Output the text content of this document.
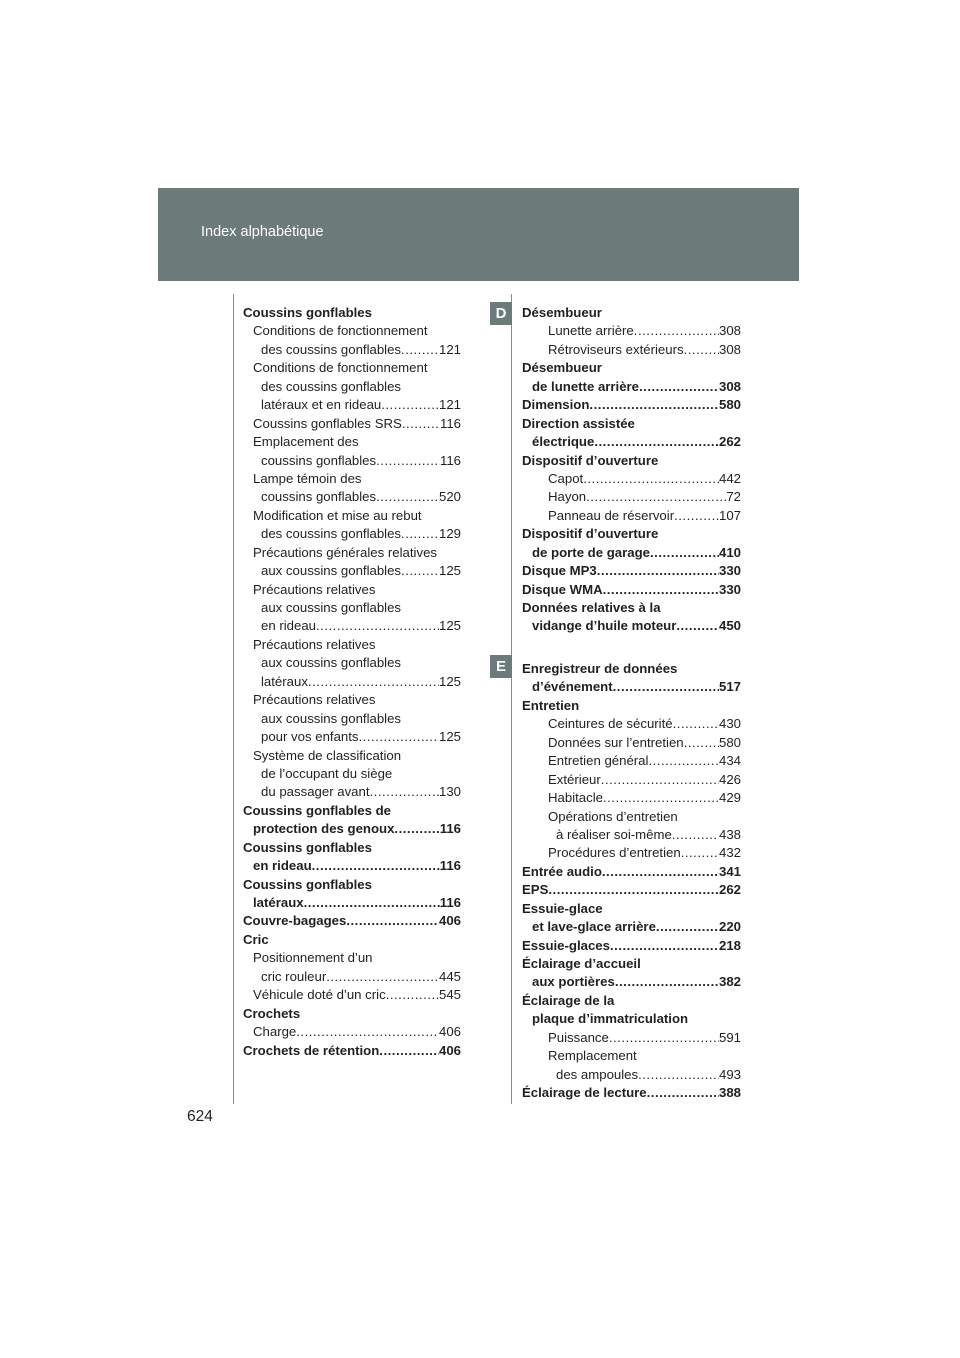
Index alphabétique
D
E
Coussins gonflables
Conditions de fonctionnement
des coussins gonflables .....	121
Conditions de fonctionnement
des coussins gonflables
latéraux et en rideau .....	121
Coussins gonflables SRS .....	116
Emplacement des
coussins gonflables .....	116
Lampe témoin des
coussins gonflables .....	520
Modification et mise au rebut
des coussins gonflables .....	129
Précautions générales relatives
aux coussins gonflables .....	125
Précautions relatives
aux coussins gonflables
en rideau .....	125
Précautions relatives
aux coussins gonflables
latéraux .....	125
Précautions relatives
aux coussins gonflables
pour vos enfants .....	125
Système de classification
de l’occupant du siège
du passager avant .....	130
Coussins gonflables de
protection des genoux .....	116
Coussins gonflables
en rideau .....	116
Coussins gonflables
latéraux .....	116
Couvre-bagages .....	406
Cric
Positionnement d’un
cric rouleur .....	445
Véhicule doté d’un cric .....	545
Crochets
Charge .....	406
Crochets de rétention .....	406
Désembueur
Lunette arrière .....	308
Rétroviseurs extérieurs .....	308
Désembueur
de lunette arrière .....	308
Dimension .....	580
Direction assistée
électrique .....	262
Dispositif d’ouverture
Capot .....	442
Hayon .....	72
Panneau de réservoir .....	107
Dispositif d’ouverture
de porte de garage .....	410
Disque MP3 .....	330
Disque WMA .....	330
Données relatives à la
vidange d’huile moteur .....	450
Enregistreur de données
d’événement .....	517
Entretien
Ceintures de sécurité .....	430
Données sur l’entretien .....	580
Entretien général .....	434
Extérieur .....	426
Habitacle .....	429
Opérations d’entretien
à réaliser soi-même .....	438
Procédures d’entretien .....	432
Entrée audio .....	341
EPS .....	262
Essuie-glace
et lave-glace arrière .....	220
Essuie-glaces .....	218
Éclairage d’accueil
aux portières .....	382
Éclairage de la
plaque d’immatriculation
Puissance .....	591
Remplacement
des ampoules .....	493
Éclairage de lecture .....	388
624
